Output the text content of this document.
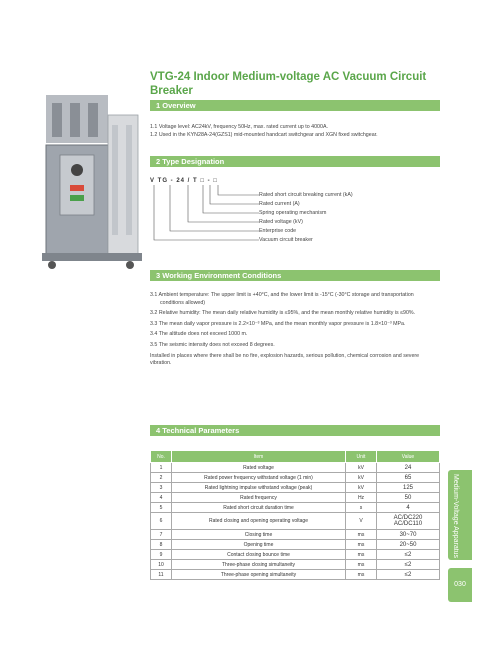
VTG-24 Indoor Medium-voltage AC Vacuum Circuit Breaker
1 Overview

1.1 Voltage level: AC24kV, frequency 50Hz, max. rated current up to 4000A.

1.2 Used in the KYN28A-24(GZS1) mid-mounted handcart switchgear and XGN fixed switchgear.

2 Type Designation
V TG - 24 / T □ - □
Rated short circuit breaking current (kA)
Rated current (A)
Spring operating mechanism
Rated voltage (kV)
Enterprise code
Vacuum circuit breaker
3 Working Environment Conditions

3.1 Ambient temperature: The upper limit is +40°C, and the lower limit is -15°C (-30°C storage and transportation conditions allowed)

3.2 Relative humidity: The mean daily relative humidity is ≤95%, and the mean monthly relative humidity is ≤90%.

3.3 The mean daily vapor pressure is 2.2×10⁻³ MPa, and the mean monthly vapor pressure is 1.8×10⁻³ MPa.

3.4 The altitude does not exceed 1000 m.

3.5 The seismic intensity does not exceed 8 degrees.

Installed in places where there shall be no fire, explosion hazards, serious pollution, chemical corrosion and severe vibration.

4 Technical Parameters
No.	Item	Unit	Value
1	Rated voltage	kV	24
2	Rated power frequency withstand voltage (1 min)	kV	65
3	Rated lightning impulse withstand voltage (peak)	kV	125
4	Rated frequency	Hz	50
5	Rated short circuit duration time	s	4
6	Rated closing and opening operating voltage	V	AC/DC220
AC/DC110
7	Closing time	ms	30~70
8	Opening time	ms	20~50
9	Contact closing bounce time	ms	≤2
10	Three-phase closing simultaneity	ms	≤2
11	Three-phase opening simultaneity	ms	≤2
Medium-Voltage Apparatus
030
